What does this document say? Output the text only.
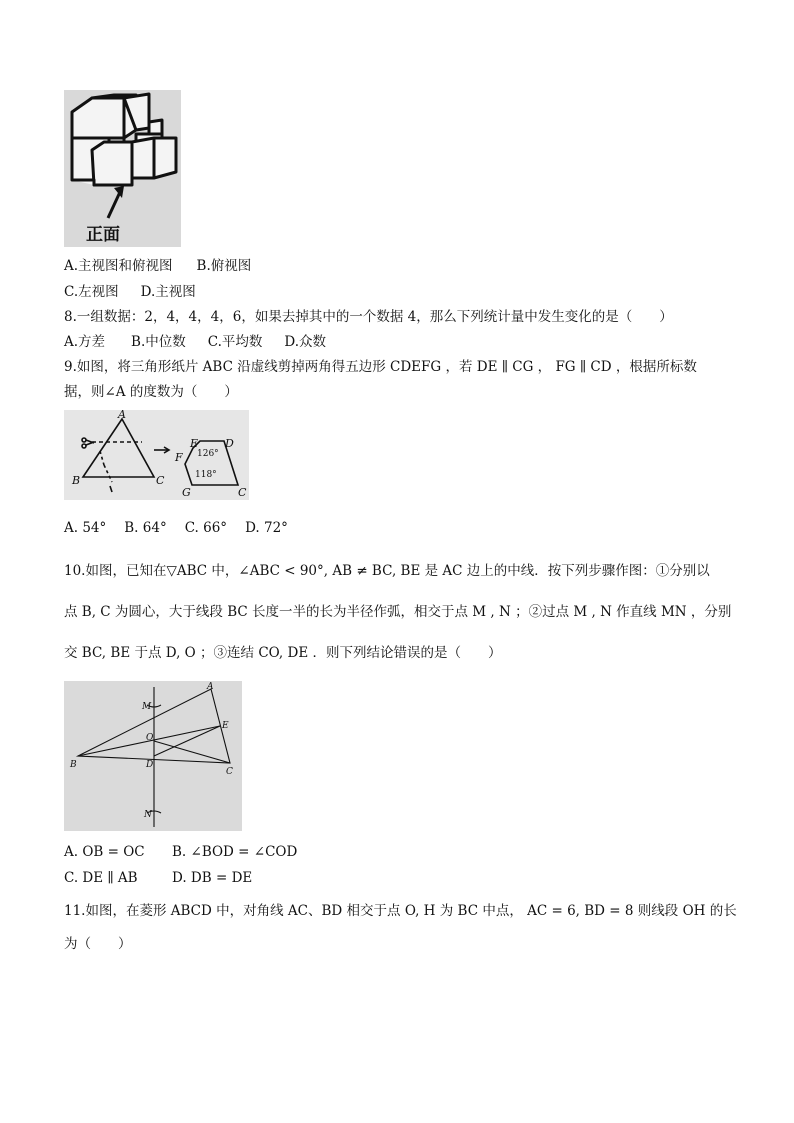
正面
A.主视图和俯视图 B.俯视图
C.左视图 D.主视图
8.一组数据：2，4，4，4，6，如果去掉其中的一个数据 4，那么下列统计量中发生变化的是（　　）
A.方差 B.中位数 C.平均数 D.众数
9.如图，将三角形纸片 ABC 沿虚线剪掉两角得五边形 CDEFG ，若 DE ∥ CG ， FG ∥ CD ，根据所标数
据，则∠A 的度数为（　　）
A
B	C
E D
F
G	C
126°
118°
A. 54° B. 64° C. 66° D. 72°
10.如图，已知在▽ABC 中，∠ABC < 90°, AB ≠ BC, BE 是 AC 边上的中线．按下列步骤作图：①分别以
点 B, C 为圆心，大于线段 BC 长度一半的长为半径作弧，相交于点 M , N ；②过点 M , N 作直线 MN ，分别
交 BC, BE 于点 D, O ；③连结 CO, DE ．则下列结论错误的是（　　）
A
M
E
O
B	D
C
N
A. OB = OC B. ∠BOD = ∠COD
C. DE ∥ AB	D. DB = DE
11.如图，在菱形 ABCD 中，对角线 AC、BD 相交于点 O, H 为 BC 中点， AC = 6, BD = 8 则线段 OH 的长
为（　　）
